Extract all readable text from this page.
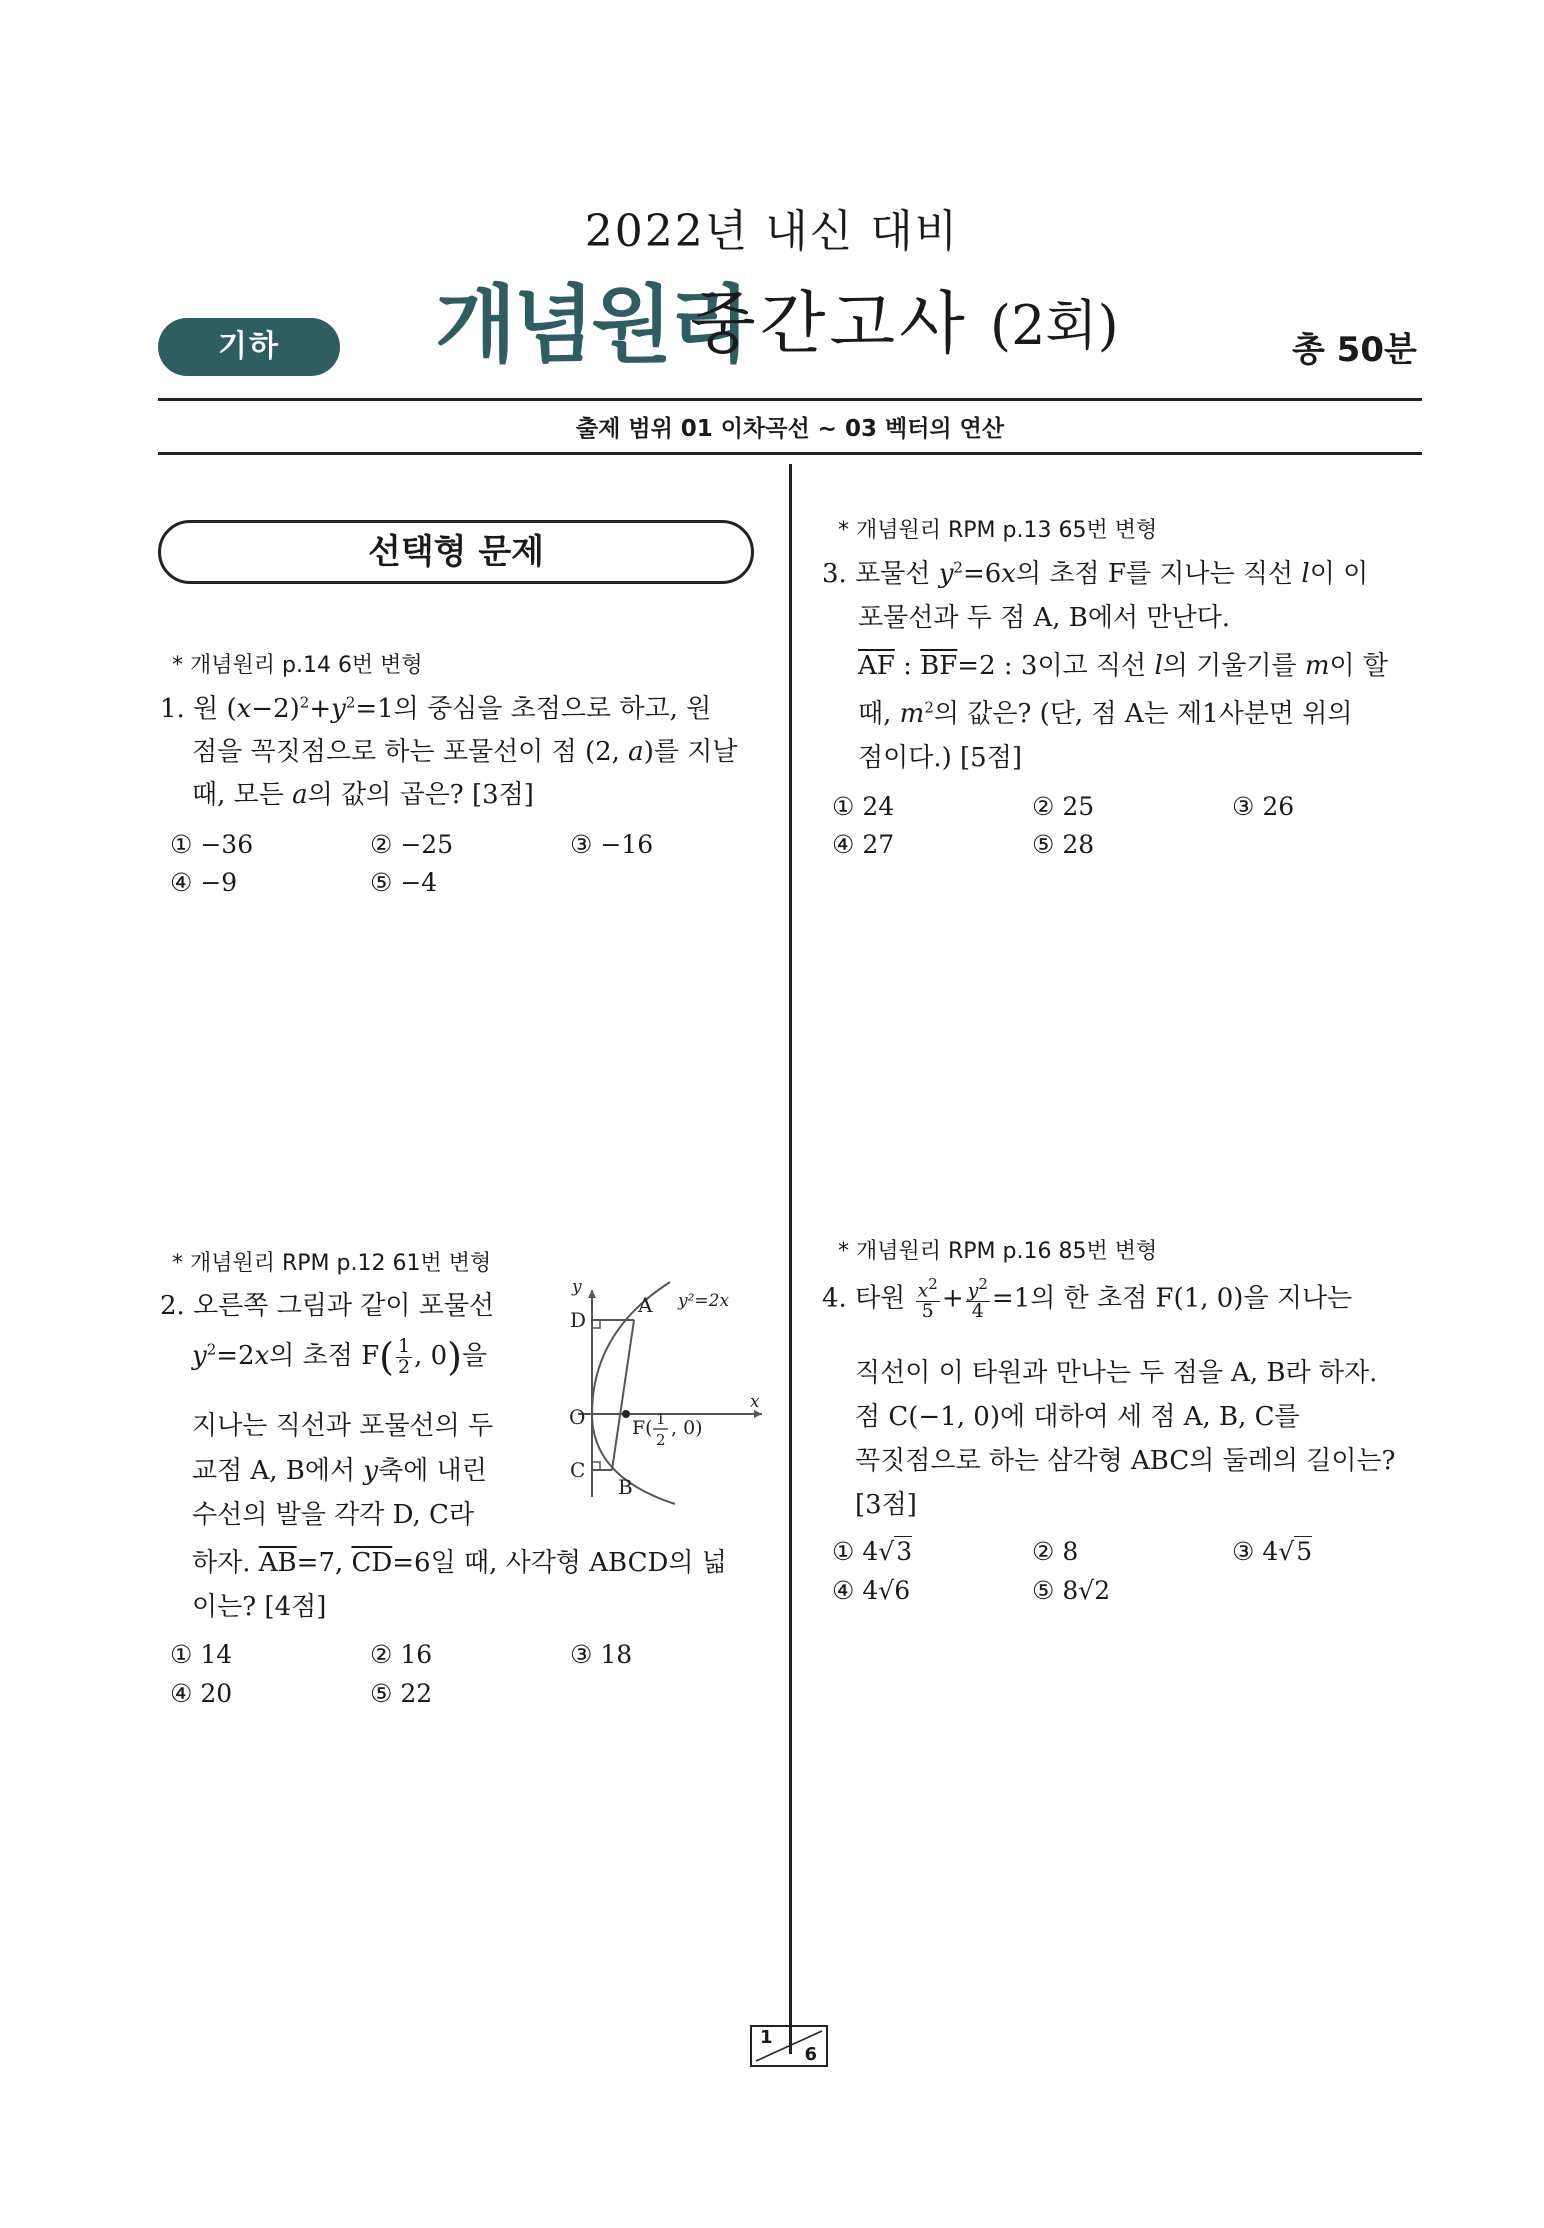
2022년 내신 대비
기하	개념원리
중간고사 (2회)	총 50분
출제 범위 01 이차곡선 ~ 03 벡터의 연산
선택형 문제
* 개념원리 p.14 6번 변형
1. 원 $(x-2)^2+y^2=1$의 중심을 초점으로 하고, 원
점을 꼭짓점으로 하는 포물선이 점 (2, a)를 지날
때, 모든 a의 값의 곱은? [3점]
① −36	② −25	③ −16
④ −9	⑤ −4
* 개념원리 RPM p.12 61번 변형
2. 오른쪽 그림과 같이 포물선
$y^2=2x$의 초점 $F( \frac{1}{2}$ , 0)을
지나는 직선과 포물선의 두
교점 A, B에서 y축에 내린
수선의 발을 각각 D, C라
하자. $\overline{AB}=7$, $\overline{CD}=6$일 때, 사각형 ABCD의 넓
이는? [4점]
① 14	② 16	③ 18
④ 20	⑤ 22
y
x
O
A
D
C
B
y²=2x
F( 1
2
, 0)
* 개념원리 RPM p.13 65번 변형
3. 포물선 $y^2=6x$의 초점 F를 지나는 직선 l이 이
포물선과 두 점 A, B에서 만난다.
$\overline{AF}$ : $\overline{BF}=2$ : 3이고 직선 l의 기울기를 m이 할
때, $m^2$의 값은? (단, 점 A는 제1사분면 위의
점이다.) [5점]
① 24	② 25	③ 26
④ 27	⑤ 28
* 개념원리 RPM p.16 85번 변형
4. 타원 $\frac{x^2}{5} + \frac{y^2}{4} =1$의 한 초점 F(1, 0)을 지나는
직선이 이 타원과 만나는 두 점을 A, B라 하자.
점 C(−1, 0)에 대하여 세 점 A, B, C를
꼭짓점으로 하는 삼각형 ABC의 둘레의 길이는?
[3점]
① 4√3	② 8	③ 4√5
④ 4√6	⑤ 8√2
1
6
